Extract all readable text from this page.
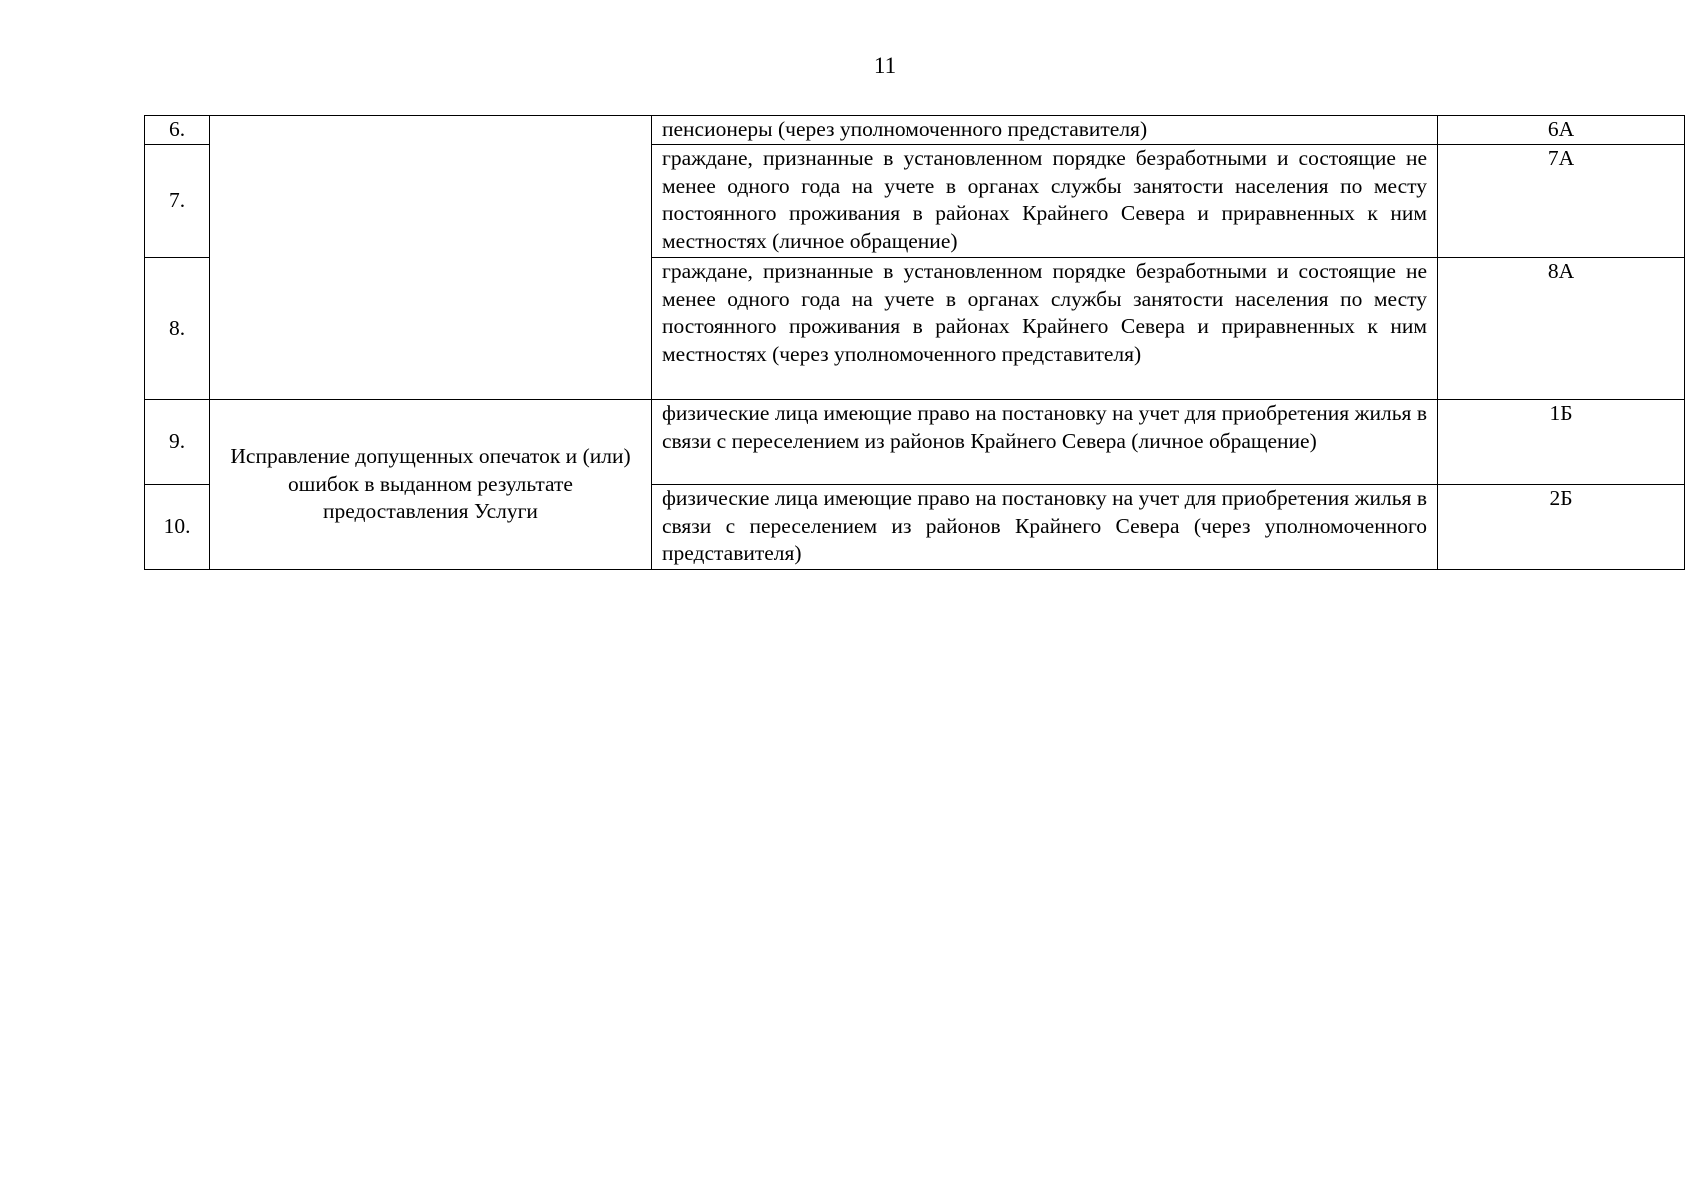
11
6.		пенсионеры (через уполномоченного представителя)	6А
7.		граждане, признанные в установленном порядке безработными и состоящие не менее одного года на учете в органах службы занятости населения по месту постоянного проживания в районах Крайнего Севера и приравненных к ним местностях (личное обращение)	7А
8.		граждане, признанные в установленном порядке безработными и состоящие не менее одного года на учете в органах службы занятости населения по месту постоянного проживания в районах Крайнего Севера и приравненных к ним местностях (через уполномоченного представителя)	8А
9.	Исправление допущенных опечаток и (или) ошибок в выданном результате предоставления Услуги	физические лица имеющие право на постановку на учет для приобретения жилья в связи с переселением из районов Крайнего Севера (личное обращение)	1Б
10.		физические лица имеющие право на постановку на учет для приобретения жилья в связи с переселением из районов Крайнего Севера (через уполномоченного представителя)	2Б
